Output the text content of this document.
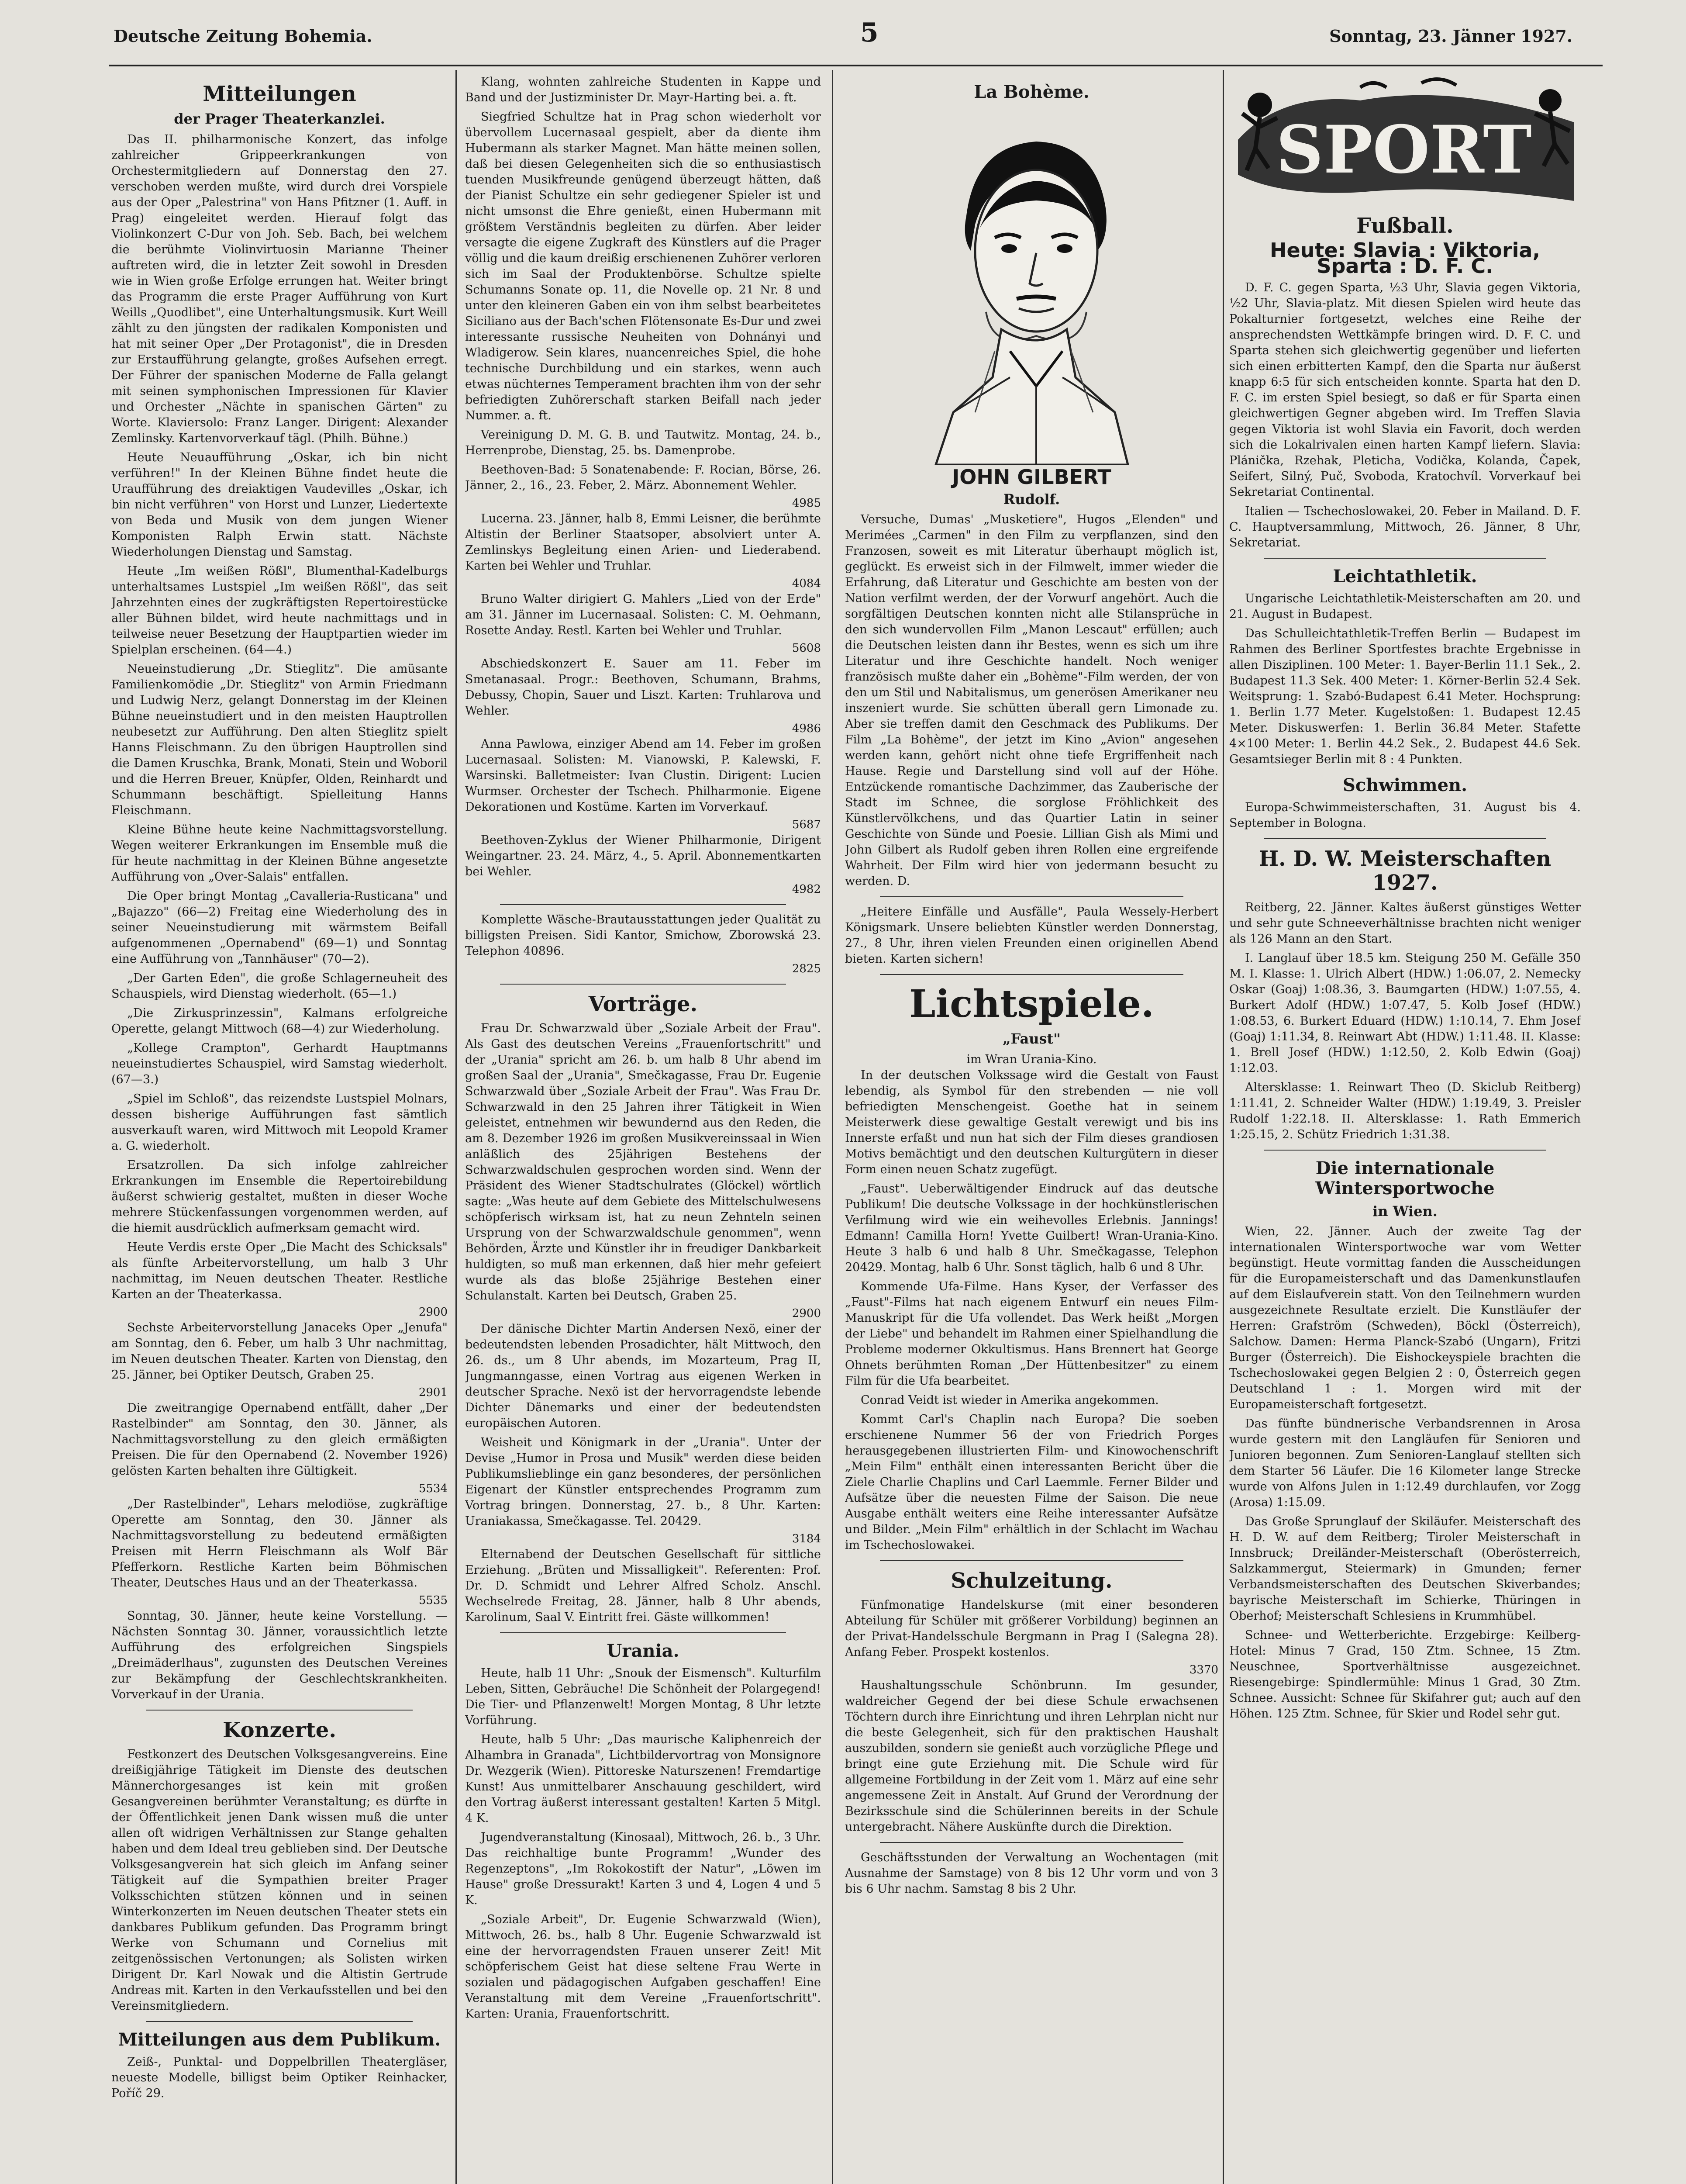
Deutsche Zeitung Bohemia.	5	Sonntag, 23. Jänner 1927.
Mitteilungen
der Prager Theaterkanzlei.

Das II. philharmonische Konzert, das infolge zahlreicher Grippeerkrankungen von Orchestermitgliedern auf Donnerstag den 27. verschoben werden mußte, wird durch drei Vorspiele aus der Oper „Palestrina" von Hans Pfitzner (1. Auff. in Prag) eingeleitet werden. Hierauf folgt das Violinkonzert C-Dur von Joh. Seb. Bach, bei welchem die berühmte Violinvirtuosin Marianne Theiner auftreten wird, die in letzter Zeit sowohl in Dresden wie in Wien große Erfolge errungen hat. Weiter bringt das Programm die erste Prager Aufführung von Kurt Weills „Quodlibet", eine Unterhaltungsmusik. Kurt Weill zählt zu den jüngsten der radikalen Komponisten und hat mit seiner Oper „Der Protagonist", die in Dresden zur Erstaufführung gelangte, großes Aufsehen erregt. Der Führer der spanischen Moderne de Falla gelangt mit seinen symphonischen Impressionen für Klavier und Orchester „Nächte in spanischen Gärten" zu Worte. Klaviersolo: Franz Langer. Dirigent: Alexander Zemlinsky. Kartenvorverkauf tägl. (Philh. Bühne.)

Heute Neuaufführung „Oskar, ich bin nicht verführen!" In der Kleinen Bühne findet heute die Uraufführung des dreiaktigen Vaudevilles „Oskar, ich bin nicht verführen" von Horst und Lunzer, Liedertexte von Beda und Musik von dem jungen Wiener Komponisten Ralph Erwin statt. Nächste Wiederholungen Dienstag und Samstag.

Heute „Im weißen Rößl", Blumenthal-Kadelburgs unterhaltsames Lustspiel „Im weißen Rößl", das seit Jahrzehnten eines der zugkräftigsten Repertoirestücke aller Bühnen bildet, wird heute nachmittags und in teilweise neuer Besetzung der Hauptpartien wieder im Spielplan erscheinen. (64—4.)

Neueinstudierung „Dr. Stieglitz". Die amüsante Familienkomödie „Dr. Stieglitz" von Armin Friedmann und Ludwig Nerz, gelangt Donnerstag im der Kleinen Bühne neueinstudiert und in den meisten Hauptrollen neubesetzt zur Aufführung. Den alten Stieglitz spielt Hanns Fleischmann. Zu den übrigen Hauptrollen sind die Damen Kruschka, Brank, Monati, Stein und Woboril und die Herren Breuer, Knüpfer, Olden, Reinhardt und Schummann beschäftigt. Spielleitung Hanns Fleischmann.

Kleine Bühne heute keine Nachmittagsvorstellung. Wegen weiterer Erkrankungen im Ensemble muß die für heute nachmittag in der Kleinen Bühne angesetzte Aufführung von „Over-Salais" entfallen.

Die Oper bringt Montag „Cavalleria-Rusticana" und „Bajazzo" (66—2) Freitag eine Wiederholung des in seiner Neueinstudierung mit wärmstem Beifall aufgenommenen „Opernabend" (69—1) und Sonntag eine Aufführung von „Tannhäuser" (70—2).

„Der Garten Eden", die große Schlagerneuheit des Schauspiels, wird Dienstag wiederholt. (65—1.)

„Die Zirkusprinzessin", Kalmans erfolgreiche Operette, gelangt Mittwoch (68—4) zur Wiederholung.

„Kollege Crampton", Gerhardt Hauptmanns neueinstudiertes Schauspiel, wird Samstag wiederholt. (67—3.)

„Spiel im Schloß", das reizendste Lustspiel Molnars, dessen bisherige Aufführungen fast sämtlich ausverkauft waren, wird Mittwoch mit Leopold Kramer a. G. wiederholt.

Ersatzrollen. Da sich infolge zahlreicher Erkrankungen im Ensemble die Repertoirebildung äußerst schwierig gestaltet, mußten in dieser Woche mehrere Stückenfassungen vorgenommen werden, auf die hiemit ausdrücklich aufmerksam gemacht wird.

Heute Verdis erste Oper „Die Macht des Schicksals" als fünfte Arbeitervorstellung, um halb 3 Uhr nachmittag, im Neuen deutschen Theater. Restliche Karten an der Theaterkassa.

2900

Sechste Arbeitervorstellung Janaceks Oper „Jenufa" am Sonntag, den 6. Feber, um halb 3 Uhr nachmittag, im Neuen deutschen Theater. Karten von Dienstag, den 25. Jänner, bei Optiker Deutsch, Graben 25.

2901

Die zweitrangige Opernabend entfällt, daher „Der Rastelbinder" am Sonntag, den 30. Jänner, als Nachmittagsvorstellung zu den gleich ermäßigten Preisen. Die für den Opernabend (2. November 1926) gelösten Karten behalten ihre Gültigkeit.

5534

„Der Rastelbinder", Lehars melodiöse, zugkräftige Operette am Sonntag, den 30. Jänner als Nachmittagsvorstellung zu bedeutend ermäßigten Preisen mit Herrn Fleischmann als Wolf Bär Pfefferkorn. Restliche Karten beim Böhmischen Theater, Deutsches Haus und an der Theaterkassa.

5535

Sonntag, 30. Jänner, heute keine Vorstellung. — Nächsten Sonntag 30. Jänner, voraussichtlich letzte Aufführung des erfolgreichen Singspiels „Dreimäderlhaus", zugunsten des Deutschen Vereines zur Bekämpfung der Geschlechtskrankheiten. Vorverkauf in der Urania.

Konzerte.

Festkonzert des Deutschen Volksgesangvereins. Eine dreißigjährige Tätigkeit im Dienste des deutschen Männerchorgesanges ist kein mit großen Gesangvereinen berühmter Veranstaltung; es dürfte in der Öffentlichkeit jenen Dank wissen muß die unter allen oft widrigen Verhältnissen zur Stange gehalten haben und dem Ideal treu geblieben sind. Der Deutsche Volksgesangverein hat sich gleich im Anfang seiner Tätigkeit auf die Sympathien breiter Prager Volksschichten stützen können und in seinen Winterkonzerten im Neuen deutschen Theater stets ein dankbares Publikum gefunden. Das Programm bringt Werke von Schumann und Cornelius mit zeitgenössischen Vertonungen; als Solisten wirken Dirigent Dr. Karl Nowak und die Altistin Gertrude Andreas mit. Karten in den Verkaufsstellen und bei den Vereinsmitgliedern.

Mitteilungen aus dem Publikum.

Zeiß-, Punktal- und Doppelbrillen Theatergläser, neueste Modelle, billigst beim Optiker Reinhacker, Poříč 29.

Klang, wohnten zahlreiche Studenten in Kappe und Band und der Justizminister Dr. Mayr-Harting bei. a. ft.

Siegfried Schultze hat in Prag schon wiederholt vor übervollem Lucernasaal gespielt, aber da diente ihm Hubermann als starker Magnet. Man hätte meinen sollen, daß bei diesen Gelegenheiten sich die so enthusiastisch tuenden Musikfreunde genügend überzeugt hätten, daß der Pianist Schultze ein sehr gediegener Spieler ist und nicht umsonst die Ehre genießt, einen Hubermann mit größtem Verständnis begleiten zu dürfen. Aber leider versagte die eigene Zugkraft des Künstlers auf die Prager völlig und die kaum dreißig erschienenen Zuhörer verloren sich im Saal der Produktenbörse. Schultze spielte Schumanns Sonate op. 11, die Novelle op. 21 Nr. 8 und unter den kleineren Gaben ein von ihm selbst bearbeitetes Siciliano aus der Bach'schen Flötensonate Es-Dur und zwei interessante russische Neuheiten von Dohnányi und Wladigerow. Sein klares, nuancenreiches Spiel, die hohe technische Durchbildung und ein starkes, wenn auch etwas nüchternes Temperament brachten ihm von der sehr befriedigten Zuhörerschaft starken Beifall nach jeder Nummer. a. ft.

Vereinigung D. M. G. B. und Tautwitz. Montag, 24. b., Herrenprobe, Dienstag, 25. bs. Damenprobe.

Beethoven-Bad: 5 Sonatenabende: F. Rocian, Börse, 26. Jänner, 2., 16., 23. Feber, 2. März. Abonnement Wehler.

4985

Lucerna. 23. Jänner, halb 8, Emmi Leisner, die berühmte Altistin der Berliner Staatsoper, absolviert unter A. Zemlinskys Begleitung einen Arien- und Liederabend. Karten bei Wehler und Truhlar.

4084

Bruno Walter dirigiert G. Mahlers „Lied von der Erde" am 31. Jänner im Lucernasaal. Solisten: C. M. Oehmann, Rosette Anday. Restl. Karten bei Wehler und Truhlar.

5608

Abschiedskonzert E. Sauer am 11. Feber im Smetanasaal. Progr.: Beethoven, Schumann, Brahms, Debussy, Chopin, Sauer und Liszt. Karten: Truhlarova und Wehler.

4986

Anna Pawlowa, einziger Abend am 14. Feber im großen Lucernasaal. Solisten: M. Vianowski, P. Kalewski, F. Warsinski. Balletmeister: Ivan Clustin. Dirigent: Lucien Wurmser. Orchester der Tschech. Philharmonie. Eigene Dekorationen und Kostüme. Karten im Vorverkauf.

5687

Beethoven-Zyklus der Wiener Philharmonie, Dirigent Weingartner. 23. 24. März, 4., 5. April. Abonnementkarten bei Wehler.

4982

Komplette Wäsche-Brautausstattungen jeder Qualität zu billigsten Preisen. Sidi Kantor, Smichow, Zborowská 23. Telephon 40896.

2825
Vorträge.

Frau Dr. Schwarzwald über „Soziale Arbeit der Frau". Als Gast des deutschen Vereins „Frauenfortschritt" und der „Urania" spricht am 26. b. um halb 8 Uhr abend im großen Saal der „Urania", Smečkagasse, Frau Dr. Eugenie Schwarzwald über „Soziale Arbeit der Frau". Was Frau Dr. Schwarzwald in den 25 Jahren ihrer Tätigkeit in Wien geleistet, entnehmen wir bewundernd aus den Reden, die am 8. Dezember 1926 im großen Musikvereinssaal in Wien anläßlich des 25jährigen Bestehens der Schwarzwaldschulen gesprochen worden sind. Wenn der Präsident des Wiener Stadtschulrates (Glöckel) wörtlich sagte: „Was heute auf dem Gebiete des Mittelschulwesens schöpferisch wirksam ist, hat zu neun Zehnteln seinen Ursprung von der Schwarzwaldschule genommen", wenn Behörden, Ärzte und Künstler ihr in freudiger Dankbarkeit huldigten, so muß man erkennen, daß hier mehr gefeiert wurde als das bloße 25jährige Bestehen einer Schulanstalt. Karten bei Deutsch, Graben 25.

2900

Der dänische Dichter Martin Andersen Nexö, einer der bedeutendsten lebenden Prosadichter, hält Mittwoch, den 26. ds., um 8 Uhr abends, im Mozarteum, Prag II, Jungmanngasse, einen Vortrag aus eigenen Werken in deutscher Sprache. Nexö ist der hervorragendste lebende Dichter Dänemarks und einer der bedeutendsten europäischen Autoren.

Weisheit und Königmark in der „Urania". Unter der Devise „Humor in Prosa und Musik" werden diese beiden Publikumslieblinge ein ganz besonderes, der persönlichen Eigenart der Künstler entsprechendes Programm zum Vortrag bringen. Donnerstag, 27. b., 8 Uhr. Karten: Uraniakassa, Smečkagasse. Tel. 20429.

3184

Elternabend der Deutschen Gesellschaft für sittliche Erziehung. „Brüten und Missalligkeit". Referenten: Prof. Dr. D. Schmidt und Lehrer Alfred Scholz. Anschl. Wechselrede Freitag, 28. Jänner, halb 8 Uhr abends, Karolinum, Saal V. Eintritt frei. Gäste willkommen!

Urania.

Heute, halb 11 Uhr: „Snouk der Eismensch". Kulturfilm Leben, Sitten, Gebräuche! Die Schönheit der Polargegend! Die Tier- und Pflanzenwelt! Morgen Montag, 8 Uhr letzte Vorführung.

Heute, halb 5 Uhr: „Das maurische Kaliphenreich der Alhambra in Granada", Lichtbildervortrag von Monsignore Dr. Wezgerik (Wien). Pittoreske Naturszenen! Fremdartige Kunst! Aus unmittelbarer Anschauung geschildert, wird den Vortrag äußerst interessant gestalten! Karten 5 Mitgl. 4 K.

Jugendveranstaltung (Kinosaal), Mittwoch, 26. b., 3 Uhr. Das reichhaltige bunte Programm! „Wunder des Regenzeptons", „Im Rokokostift der Natur", „Löwen im Hause" große Dressurakt! Karten 3 und 4, Logen 4 und 5 K.

„Soziale Arbeit", Dr. Eugenie Schwarzwald (Wien), Mittwoch, 26. bs., halb 8 Uhr. Eugenie Schwarzwald ist eine der hervorragendsten Frauen unserer Zeit! Mit schöpferischem Geist hat diese seltene Frau Werte in sozialen und pädagogischen Aufgaben geschaffen! Eine Veranstaltung mit dem Vereine „Frauenfortschritt". Karten: Urania, Frauenfortschritt.

La Bohème.
JOHN GILBERT
Rudolf.

Versuche, Dumas' „Musketiere", Hugos „Elenden" und Merimées „Carmen" in den Film zu verpflanzen, sind den Franzosen, soweit es mit Literatur überhaupt möglich ist, geglückt. Es erweist sich in der Filmwelt, immer wieder die Erfahrung, daß Literatur und Geschichte am besten von der Nation verfilmt werden, der der Vorwurf angehört. Auch die sorgfältigen Deutschen konnten nicht alle Stilansprüche in den sich wundervollen Film „Manon Lescaut" erfüllen; auch die Deutschen leisten dann ihr Bestes, wenn es sich um ihre Literatur und ihre Geschichte handelt. Noch weniger französisch mußte daher ein „Bohème"-Film werden, der von den um Stil und Nabitalismus, um generösen Amerikaner neu inszeniert wurde. Sie schütten überall gern Limonade zu. Aber sie treffen damit den Geschmack des Publikums. Der Film „La Bohème", der jetzt im Kino „Avion" angesehen werden kann, gehört nicht ohne tiefe Ergriffenheit nach Hause. Regie und Darstellung sind voll auf der Höhe. Entzückende romantische Dachzimmer, das Zauberische der Stadt im Schnee, die sorglose Fröhlichkeit des Künstlervölkchens, und das Quartier Latin in seiner Geschichte von Sünde und Poesie. Lillian Gish als Mimi und John Gilbert als Rudolf geben ihren Rollen eine ergreifende Wahrheit. Der Film wird hier von jedermann besucht zu werden. D.

„Heitere Einfälle und Ausfälle", Paula Wessely-Herbert Königsmark. Unsere beliebten Künstler werden Donnerstag, 27., 8 Uhr, ihren vielen Freunden einen originellen Abend bieten. Karten sichern!

Lichtspiele.
„Faust"
im Wran Urania-Kino.

In der deutschen Volkssage wird die Gestalt von Faust lebendig, als Symbol für den strebenden — nie voll befriedigten Menschengeist. Goethe hat in seinem Meisterwerk diese gewaltige Gestalt verewigt und bis ins Innerste erfaßt und nun hat sich der Film dieses grandiosen Motivs bemächtigt und den deutschen Kulturgütern in dieser Form einen neuen Schatz zugefügt.

„Faust". Ueberwältigender Eindruck auf das deutsche Publikum! Die deutsche Volkssage in der hochkünstlerischen Verfilmung wird wie ein weihevolles Erlebnis. Jannings! Edmann! Camilla Horn! Yvette Guilbert! Wran-Urania-Kino. Heute 3 halb 6 und halb 8 Uhr. Smečkagasse, Telephon 20429. Montag, halb 6 Uhr. Sonst täglich, halb 6 und 8 Uhr.

Kommende Ufa-Filme. Hans Kyser, der Verfasser des „Faust"-Films hat nach eigenem Entwurf ein neues Film-Manuskript für die Ufa vollendet. Das Werk heißt „Morgen der Liebe" und behandelt im Rahmen einer Spielhandlung die Probleme moderner Okkultismus. Hans Brennert hat George Ohnets berühmten Roman „Der Hüttenbesitzer" zu einem Film für die Ufa bearbeitet.

Conrad Veidt ist wieder in Amerika angekommen.

Kommt Carl's Chaplin nach Europa? Die soeben erschienene Nummer 56 der von Friedrich Porges herausgegebenen illustrierten Film- und Kinowochenschrift „Mein Film" enthält einen interessanten Bericht über die Ziele Charlie Chaplins und Carl Laemmle. Ferner Bilder und Aufsätze über die neuesten Filme der Saison. Die neue Ausgabe enthält weiters eine Reihe interessanter Aufsätze und Bilder. „Mein Film" erhältlich in der Schlacht im Wachau im Tschechoslowakei.

Schulzeitung.

Fünfmonatige Handelskurse (mit einer besonderen Abteilung für Schüler mit größerer Vorbildung) beginnen an der Privat-Handelsschule Bergmann in Prag I (Salegna 28). Anfang Feber. Prospekt kostenlos.

3370

Haushaltungsschule Schönbrunn. Im gesunder, waldreicher Gegend der bei diese Schule erwachsenen Töchtern durch ihre Einrichtung und ihren Lehrplan nicht nur die beste Gelegenheit, sich für den praktischen Haushalt auszubilden, sondern sie genießt auch vorzügliche Pflege und bringt eine gute Erziehung mit. Die Schule wird für allgemeine Fortbildung in der Zeit vom 1. März auf eine sehr angemessene Zeit in Anstalt. Auf Grund der Verordnung der Bezirksschule sind die Schülerinnen bereits in der Schule untergebracht. Nähere Auskünfte durch die Direktion.

Geschäftsstunden der Verwaltung an Wochentagen (mit Ausnahme der Samstage) von 8 bis 12 Uhr vorm und von 3 bis 6 Uhr nachm. Samstag 8 bis 2 Uhr.

SPORT
Fußball.
Heute: Slavia : Viktoria, Sparta : D. F. C.

D. F. C. gegen Sparta, ½3 Uhr, Slavia gegen Viktoria, ½2 Uhr, Slavia-platz. Mit diesen Spielen wird heute das Pokalturnier fortgesetzt, welches eine Reihe der ansprechendsten Wettkämpfe bringen wird. D. F. C. und Sparta stehen sich gleichwertig gegenüber und lieferten sich einen erbitterten Kampf, den die Sparta nur äußerst knapp 6:5 für sich entscheiden konnte. Sparta hat den D. F. C. im ersten Spiel besiegt, so daß er für Sparta einen gleichwertigen Gegner abgeben wird. Im Treffen Slavia gegen Viktoria ist wohl Slavia ein Favorit, doch werden sich die Lokalrivalen einen harten Kampf liefern. Slavia: Plánička, Rzehak, Pleticha, Vodička, Kolanda, Čapek, Seifert, Silný, Puč, Svoboda, Kratochvíl. Vorverkauf bei Sekretariat Continental.

Italien — Tschechoslowakei, 20. Feber in Mailand. D. F. C. Hauptversammlung, Mittwoch, 26. Jänner, 8 Uhr, Sekretariat.

Leichtathletik.

Ungarische Leichtathletik-Meisterschaften am 20. und 21. August in Budapest.

Das Schulleichtathletik-Treffen Berlin — Budapest im Rahmen des Berliner Sportfestes brachte Ergebnisse in allen Disziplinen. 100 Meter: 1. Bayer-Berlin 11.1 Sek., 2. Budapest 11.3 Sek. 400 Meter: 1. Körner-Berlin 52.4 Sek. Weitsprung: 1. Szabó-Budapest 6.41 Meter. Hochsprung: 1. Berlin 1.77 Meter. Kugelstoßen: 1. Budapest 12.45 Meter. Diskuswerfen: 1. Berlin 36.84 Meter. Stafette 4×100 Meter: 1. Berlin 44.2 Sek., 2. Budapest 44.6 Sek. Gesamtsieger Berlin mit 8 : 4 Punkten.

Schwimmen.

Europa-Schwimmeisterschaften, 31. August bis 4. September in Bologna.

H. D. W. Meisterschaften 1927.

Reitberg, 22. Jänner. Kaltes äußerst günstiges Wetter und sehr gute Schneeverhältnisse brachten nicht weniger als 126 Mann an den Start.

I. Langlauf über 18.5 km. Steigung 250 M. Gefälle 350 M. I. Klasse: 1. Ulrich Albert (HDW.) 1:06.07, 2. Nemecky Oskar (Goaj) 1:08.36, 3. Baumgarten (HDW.) 1:07.55, 4. Burkert Adolf (HDW.) 1:07.47, 5. Kolb Josef (HDW.) 1:08.53, 6. Burkert Eduard (HDW.) 1:10.14, 7. Ehm Josef (Goaj) 1:11.34, 8. Reinwart Abt (HDW.) 1:11.48. II. Klasse: 1. Brell Josef (HDW.) 1:12.50, 2. Kolb Edwin (Goaj) 1:12.03.

Altersklasse: 1. Reinwart Theo (D. Skiclub Reitberg) 1:11.41, 2. Schneider Walter (HDW.) 1:19.49, 3. Preisler Rudolf 1:22.18. II. Altersklasse: 1. Rath Emmerich 1:25.15, 2. Schütz Friedrich 1:31.38.

Die internationale Wintersportwoche
in Wien.

Wien, 22. Jänner. Auch der zweite Tag der internationalen Wintersportwoche war vom Wetter begünstigt. Heute vormittag fanden die Ausscheidungen für die Europameisterschaft und das Damenkunstlaufen auf dem Eislaufverein statt. Von den Teilnehmern wurden ausgezeichnete Resultate erzielt. Die Kunstläufer der Herren: Grafström (Schweden), Böckl (Österreich), Salchow. Damen: Herma Planck-Szabó (Ungarn), Fritzi Burger (Österreich). Die Eishockeyspiele brachten die Tschechoslowakei gegen Belgien 2 : 0, Österreich gegen Deutschland 1 : 1. Morgen wird mit der Europameisterschaft fortgesetzt.

Das fünfte bündnerische Verbandsrennen in Arosa wurde gestern mit den Langläufen für Senioren und Junioren begonnen. Zum Senioren-Langlauf stellten sich dem Starter 56 Läufer. Die 16 Kilometer lange Strecke wurde von Alfons Julen in 1:12.49 durchlaufen, vor Zogg (Arosa) 1:15.09.

Das Große Sprunglauf der Skiläufer. Meisterschaft des H. D. W. auf dem Reitberg; Tiroler Meisterschaft in Innsbruck; Dreiländer-Meisterschaft (Oberösterreich, Salzkammergut, Steiermark) in Gmunden; ferner Verbandsmeisterschaften des Deutschen Skiverbandes; bayrische Meisterschaft im Schierke, Thüringen in Oberhof; Meisterschaft Schlesiens in Krummhübel.

Schnee- und Wetterberichte. Erzgebirge: Keilberg-Hotel: Minus 7 Grad, 150 Ztm. Schnee, 15 Ztm. Neuschnee, Sportverhältnisse ausgezeichnet. Riesengebirge: Spindlermühle: Minus 1 Grad, 30 Ztm. Schnee. Aussicht: Schnee für Skifahrer gut; auch auf den Höhen. 125 Ztm. Schnee, für Skier und Rodel sehr gut.
